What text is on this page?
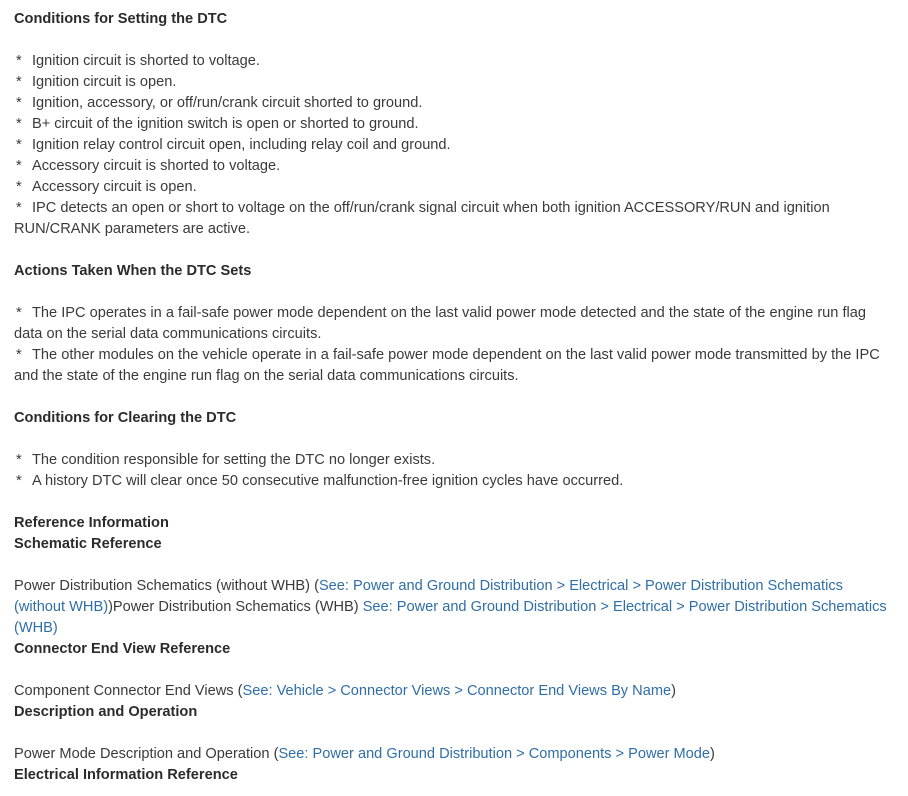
Conditions for Setting the DTC
* Ignition circuit is shorted to voltage.
* Ignition circuit is open.
* Ignition, accessory, or off/run/crank circuit shorted to ground.
* B+ circuit of the ignition switch is open or shorted to ground.
* Ignition relay control circuit open, including relay coil and ground.
* Accessory circuit is shorted to voltage.
* Accessory circuit is open.
* IPC detects an open or short to voltage on the off/run/crank signal circuit when both ignition ACCESSORY/RUN and ignition RUN/CRANK parameters are active.
Actions Taken When the DTC Sets
* The IPC operates in a fail-safe power mode dependent on the last valid power mode detected and the state of the engine run flag data on the serial data communications circuits.
* The other modules on the vehicle operate in a fail-safe power mode dependent on the last valid power mode transmitted by the IPC and the state of the engine run flag on the serial data communications circuits.
Conditions for Clearing the DTC
* The condition responsible for setting the DTC no longer exists.
* A history DTC will clear once 50 consecutive malfunction-free ignition cycles have occurred.
Reference Information
Schematic Reference
Power Distribution Schematics (without WHB) (See: Power and Ground Distribution > Electrical > Power Distribution Schematics (without WHB))Power Distribution Schematics (WHB) See: Power and Ground Distribution > Electrical > Power Distribution Schematics (WHB)
Connector End View Reference
Component Connector End Views (See: Vehicle > Connector Views > Connector End Views By Name)
Description and Operation
Power Mode Description and Operation (See: Power and Ground Distribution > Components > Power Mode)
Electrical Information Reference
